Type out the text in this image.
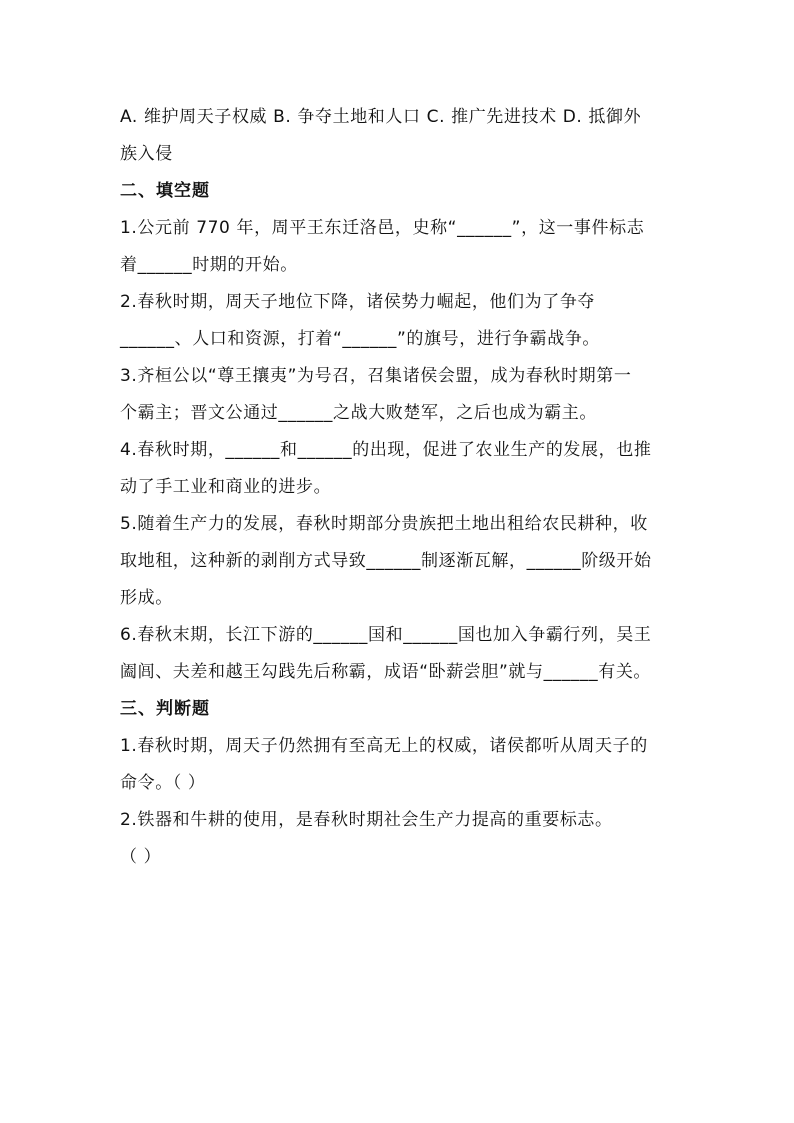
A. 维护周天子权威 B. 争夺土地和人口 C. 推广先进技术 D. 抵御外
族入侵
二、填空题
1.公元前 770 年，周平王东迁洛邑，史称“______”，这一事件标志
着______时期的开始。
2.春秋时期，周天子地位下降，诸侯势力崛起，他们为了争夺
______、人口和资源，打着“______”的旗号，进行争霸战争。
3.齐桓公以“尊王攘夷”为号召，召集诸侯会盟，成为春秋时期第一
个霸主；晋文公通过______之战大败楚军，之后也成为霸主。
4.春秋时期，______和______的出现，促进了农业生产的发展，也推
动了手工业和商业的进步。
5.随着生产力的发展，春秋时期部分贵族把土地出租给农民耕种，收
取地租，这种新的剥削方式导致______制逐渐瓦解，______阶级开始
形成。
6.春秋末期，长江下游的______国和______国也加入争霸行列，吴王
阖闾、夫差和越王勾践先后称霸，成语“卧薪尝胆”就与______有关。
三、判断题
1.春秋时期，周天子仍然拥有至高无上的权威，诸侯都听从周天子的
命令。（ ）
2.铁器和牛耕的使用，是春秋时期社会生产力提高的重要标志。
（ ）
